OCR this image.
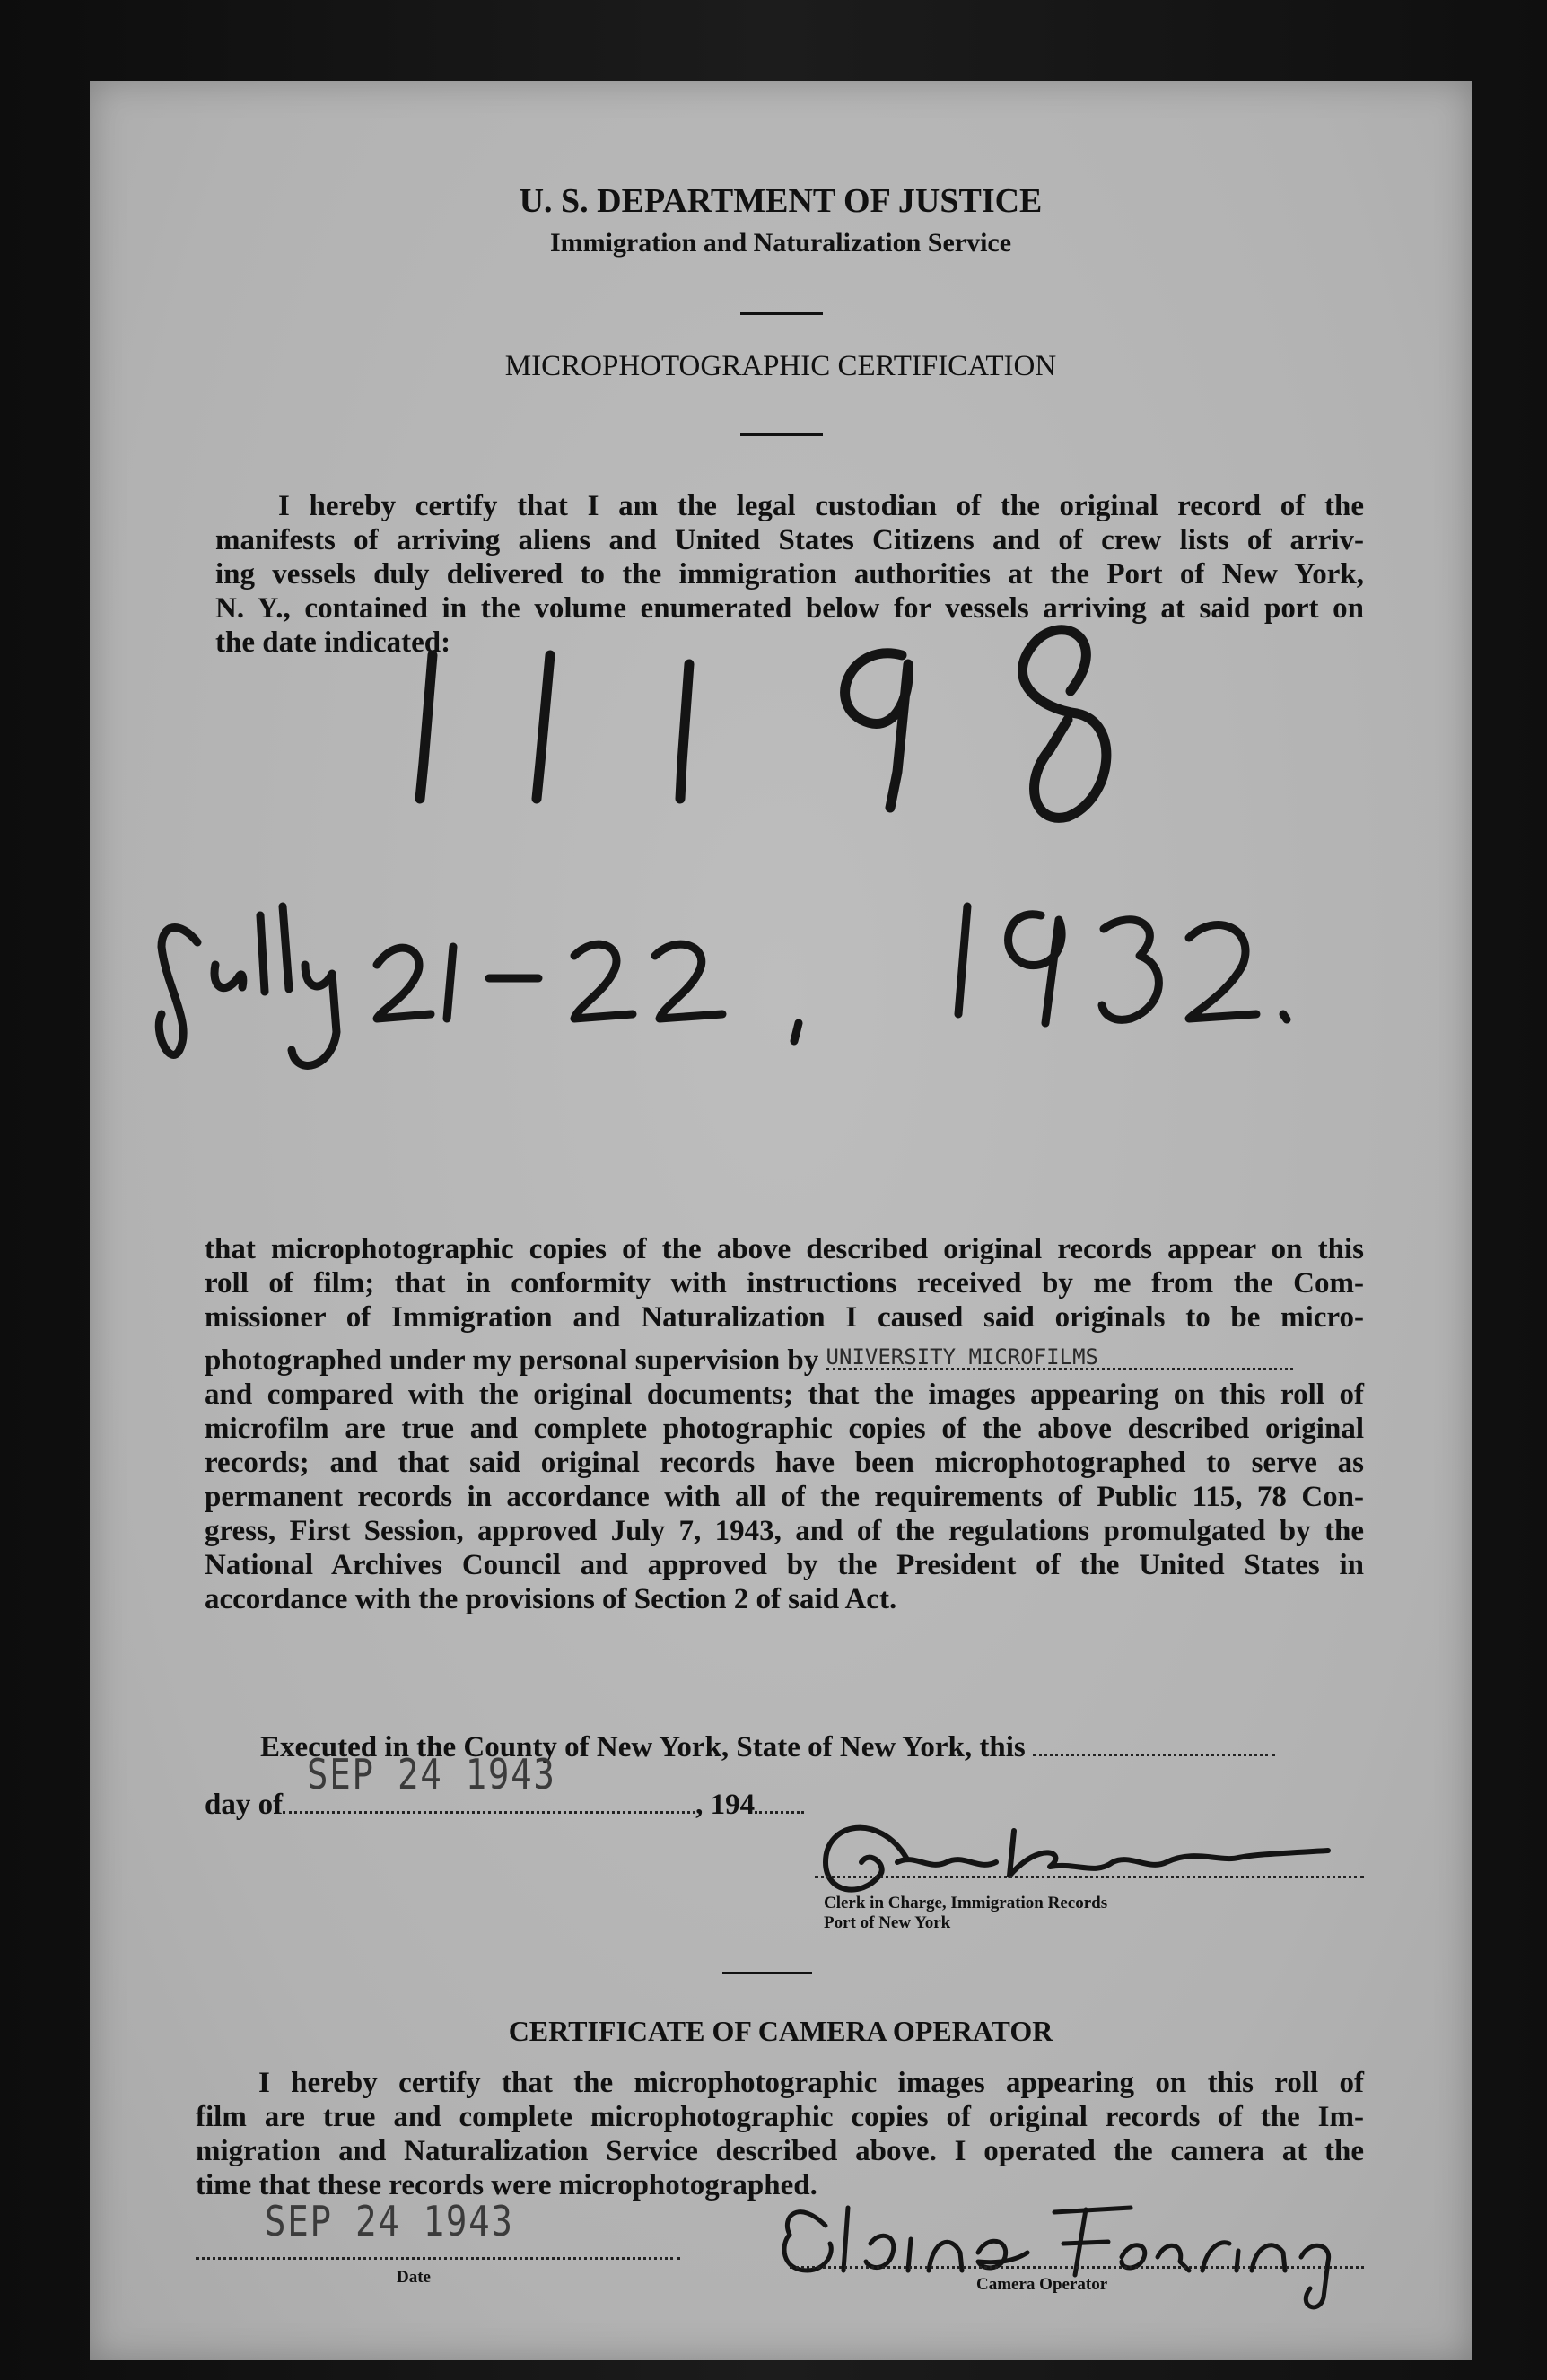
U. S. DEPARTMENT OF JUSTICE
Immigration and Naturalization Service
MICROPHOTOGRAPHIC CERTIFICATION
I hereby certify that I am the legal custodian of the original record of the
manifests of arriving aliens and United States Citizens and of crew lists of arriv-
ing vessels duly delivered to the immigration authorities at the Port of New York,
N. Y., contained in the volume enumerated below for vessels arriving at said port on
the date indicated:
that microphotographic copies of the above described original records appear on this
roll of film; that in conformity with instructions received by me from the Com-
missioner of Immigration and Naturalization I caused said originals to be micro-
photographed under my personal supervision by UNIVERSITY MICROFILMS
and compared with the original documents; that the images appearing on this roll of
microfilm are true and complete photographic copies of the above described original
records; and that said original records have been microphotographed to serve as
permanent records in accordance with all of the requirements of Public 115, 78 Con-
gress, First Session, approved July 7, 1943, and of the regulations promulgated by the
National Archives Council and approved by the President of the United States in
accordance with the provisions of Section 2 of said Act.
Executed in the County of New York, State of New York, this
day of	, 194
SEP 24 1943
Clerk in Charge, Immigration Records
Port of New York
CERTIFICATE OF CAMERA OPERATOR
I hereby certify that the microphotographic images appearing on this roll of
film are true and complete microphotographic copies of original records of the Im-
migration and Naturalization Service described above. I operated the camera at the
time that these records were microphotographed.
SEP 24 1943
Date	Camera Operator
